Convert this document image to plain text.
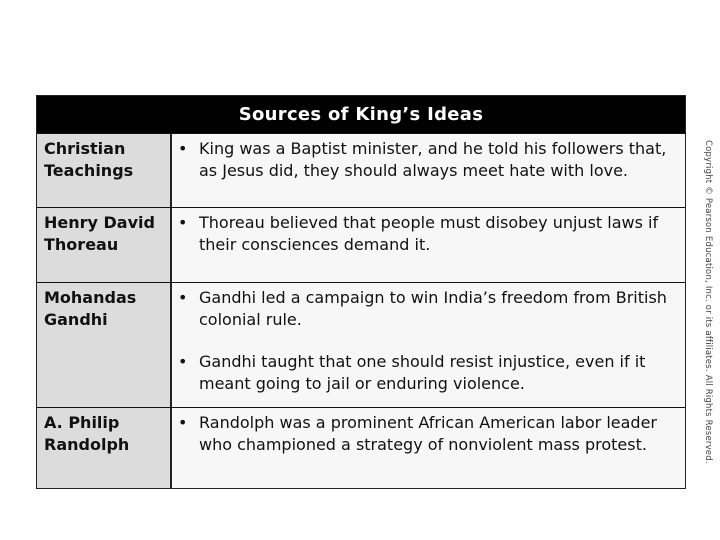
Sources of King’s Ideas
Christian Teachings
• King was a Baptist minister, and he told his followers that, as Jesus did, they should always meet hate with love.
Henry David Thoreau
• Thoreau believed that people must disobey unjust laws if their consciences demand it.
Mohandas Gandhi
• Gandhi led a campaign to win India’s freedom from British colonial rule.
• Gandhi taught that one should resist injustice, even if it meant going to jail or enduring violence.
A. Philip Randolph
• Randolph was a prominent African American labor leader who championed a strategy of nonviolent mass protest.	Copyright © Pearson Education, Inc. or its affiliates. All Rights Reserved.
